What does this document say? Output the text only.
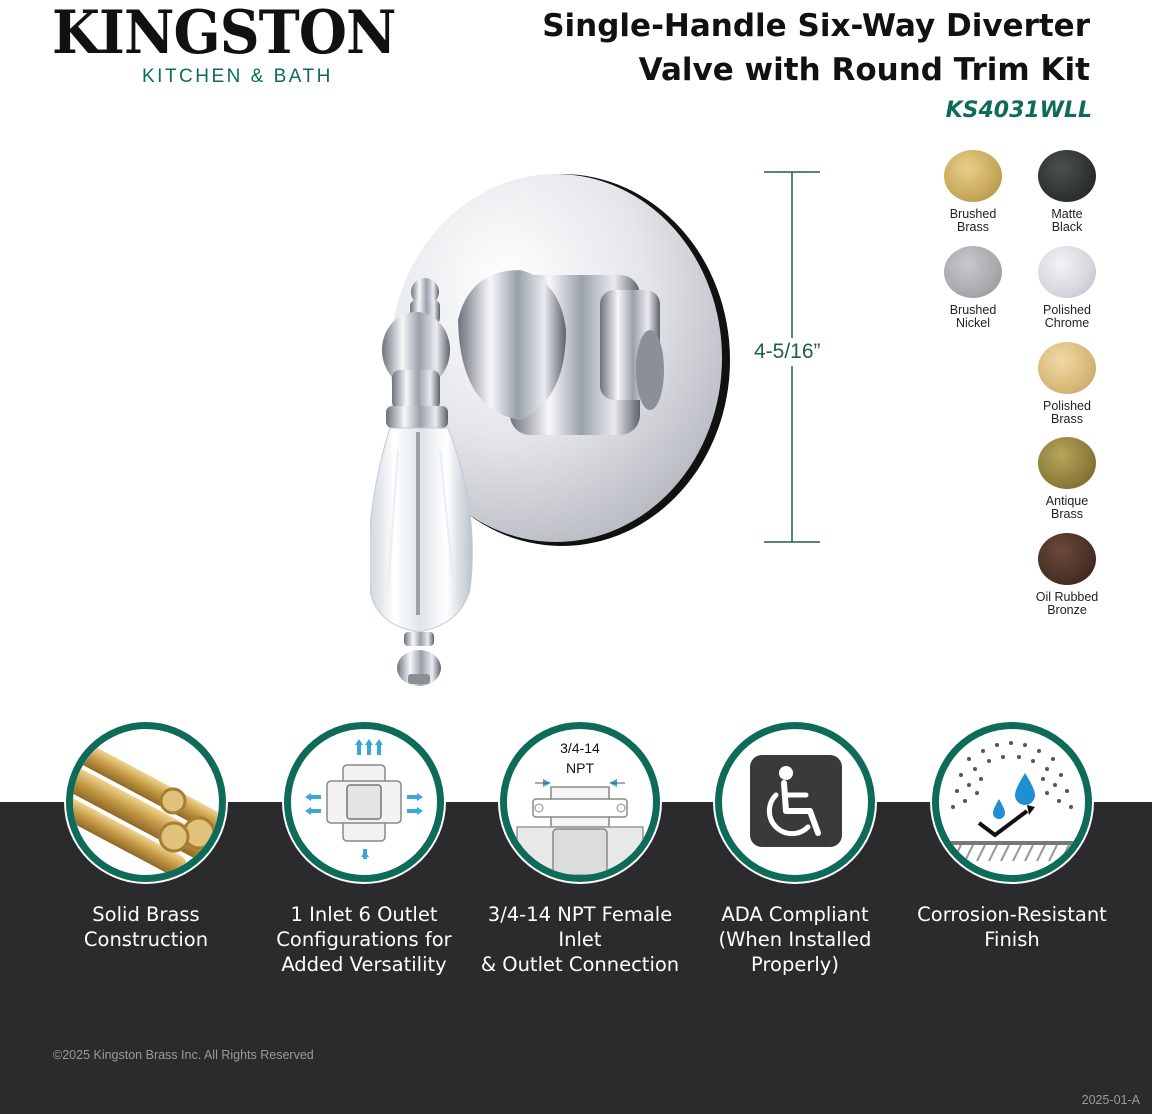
KINGSTON
KITCHEN & BATH
Single-Handle Six-Way Diverter
Valve with Round Trim Kit
KS4031WLL
4-5/16”
Brushed
Brass
Matte
Black
Brushed
Nickel
Polished
Chrome
Polished
Brass
Antique
Brass
Oil Rubbed
Bronze
Solid Brass
Construction
1 Inlet 6 Outlet
Configurations for
Added Versatility
3/4-14
NPT
3/4-14 NPT Female Inlet
& Outlet Connection
ADA Compliant
(When Installed
Properly)
Corrosion-Resistant
Finish
©2025 Kingston Brass Inc. All Rights Reserved
2025-01-A
